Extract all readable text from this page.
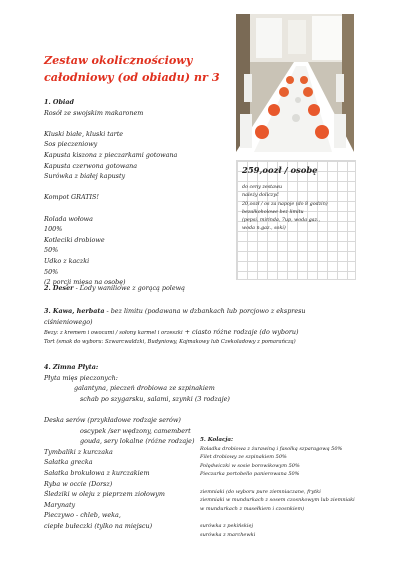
Zestaw okolicznościowy
całodniowy (od obiadu) nr 3
1. Obiad
Rosół ze swojskim makaronem
Kluski białe, kluski tarte
Sos pieczeniowy
Kapusta kiszona z pieczarkami gotowana
Kapusta czerwona gotowana
Surówka z białej kapusty
Kompot GRATIS!
Rolada wołowa
100%
Kotleciki drobiowe
50%
Udko z kaczki
50%
(2 porcji mięsa na osobę)
259,oozł / osobę
do ceny zestawu
należy doliczyć
20,oozł / os za napoje (do 8 godzin)
bezalkoholowe bez limitu
(pepsi, mirinda, 7up, woda gaz.,
woda n.gaz., soki)
2. Deser - Lody waniliowe z gorącą polewą
3. Kawa, herbata - bez limitu (podawana w dzbankach lub porcjowo z ekspresu
ciśnieniowego)
Bezy: z kremem i owocami / sołony karmel i orzeszki + ciasto różne rodzaje (do wyboru)
Tort (smak do wyboru: Szwarcwaldzki, Budyniowy, Kajmakowy lub Czekoladowy z pomarańczą)
4. Zimna Płyta:
Płyta mięs pieczonych:
galantyna, pieczeń drobiowa ze szpinakiem
schab po szygarsku, salami, szynki (3 rodzaje)
Deska serów (przykładowe rodzaje serów)
oscypek /ser wędzony, camembert
gouda, sery lokalne (różne rodzaje)
Tymbaliki z kurczaka
Sałatka grecka
Sałatka brokułowa z kurczakiem
Ryba w occie (Dorsz)
Śledziki w oleju z pieprzem ziołowym
Marynaty
Pieczywo - chleb, weka,
ciepłe bułeczki (tylko na miejscu)
5. Kolacja:
Roladka drobiowa z żurawiną i fasolką szparagową 50%
Filet drobiowy ze szpinakiem 50%
Polędwiczki w sosie borowikowym 50%
Pieczarka portobello panierowana 50%
ziemniaki (do wyboru pure ziemniaczane, frytki
ziemniaki w mundurkach z sosem czosnkowym lub ziemniaki
w mundurkach z masełkiem i czosnkiem)
surówka z pekińskiej
surówka z marchewki
